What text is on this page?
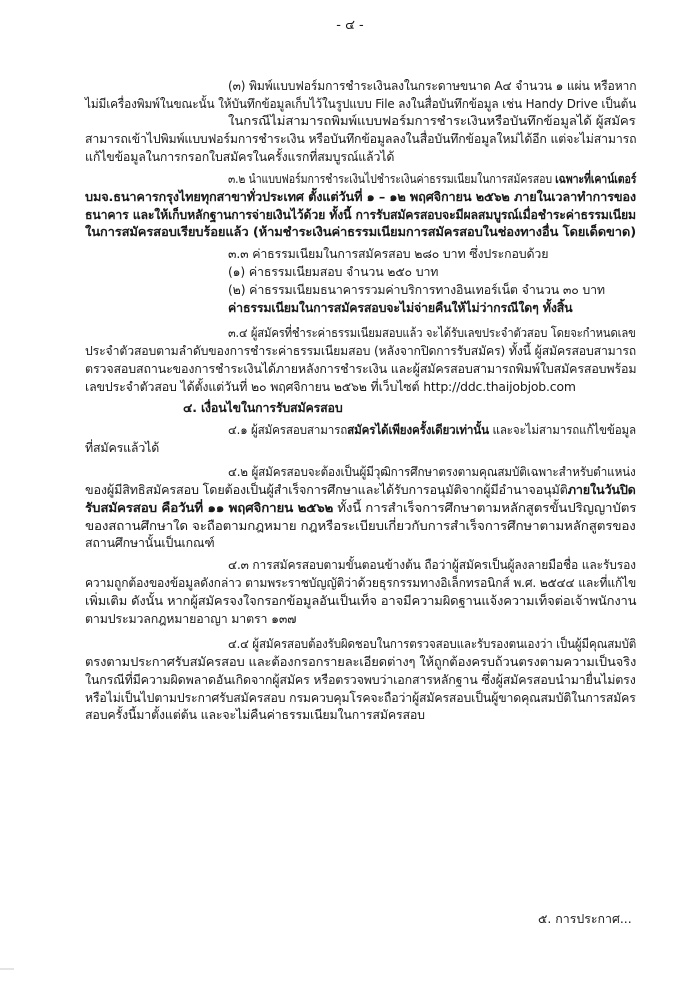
- ๔ -
(๓) พิมพ์แบบฟอร์มการชำระเงินลงในกระดาษขนาด A๔ จำนวน ๑ แผ่น หรือหาก
ไม่มีเครื่องพิมพ์ในขณะนั้น ให้บันทึกข้อมูลเก็บไว้ในรูปแบบ File ลงในสื่อบันทึกข้อมูล เช่น Handy Drive เป็นต้น
ในกรณีไม่สามารถพิมพ์แบบฟอร์มการชำระเงินหรือบันทึกข้อมูลได้ ผู้สมัคร
สามารถเข้าไปพิมพ์แบบฟอร์มการชำระเงิน หรือบันทึกข้อมูลลงในสื่อบันทึกข้อมูลใหม่ได้อีก แต่จะไม่สามารถ
แก้ไขข้อมูลในการกรอกใบสมัครในครั้งแรกที่สมบูรณ์แล้วได้
๓.๒ นำแบบฟอร์มการชำระเงินไปชำระเงินค่าธรรมเนียมในการสมัครสอบ เฉพาะที่เคาน์เตอร์
บมจ.ธนาคารกรุงไทยทุกสาขาทั่วประเทศ ตั้งแต่วันที่ ๑ – ๑๒ พฤศจิกายน ๒๕๖๒ ภายในเวลาทำการของ
ธนาคาร และให้เก็บหลักฐานการจ่ายเงินไว้ด้วย ทั้งนี้ การรับสมัครสอบจะมีผลสมบูรณ์เมื่อชำระค่าธรรมเนียม
ในการสมัครสอบเรียบร้อยแล้ว (ห้ามชำระเงินค่าธรรมเนียมการสมัครสอบในช่องทางอื่น โดยเด็ดขาด)
๓.๓ ค่าธรรมเนียมในการสมัครสอบ ๒๘๐ บาท ซึ่งประกอบด้วย
(๑) ค่าธรรมเนียมสอบ จำนวน ๒๕๐ บาท
(๒) ค่าธรรมเนียมธนาคารรวมค่าบริการทางอินเทอร์เน็ต จำนวน ๓๐ บาท
ค่าธรรมเนียมในการสมัครสอบจะไม่จ่ายคืนให้ไม่ว่ากรณีใดๆ ทั้งสิ้น
๓.๔ ผู้สมัครที่ชำระค่าธรรมเนียมสอบแล้ว จะได้รับเลขประจำตัวสอบ โดยจะกำหนดเลข
ประจำตัวสอบตามลำดับของการชำระค่าธรรมเนียมสอบ (หลังจากปิดการรับสมัคร) ทั้งนี้ ผู้สมัครสอบสามารถ
ตรวจสอบสถานะของการชำระเงินได้ภายหลังการชำระเงิน และผู้สมัครสอบสามารถพิมพ์ใบสมัครสอบพร้อม
เลขประจำตัวสอบ ได้ตั้งแต่วันที่ ๒๐ พฤศจิกายน ๒๕๖๒ ที่เว็บไซต์ http://ddc.thaijobjob.com
๔. เงื่อนไขในการรับสมัครสอบ
๔.๑ ผู้สมัครสอบสามารถสมัครได้เพียงครั้งเดียวเท่านั้น และจะไม่สามารถแก้ไขข้อมูล
ที่สมัครแล้วได้
๔.๒ ผู้สมัครสอบจะต้องเป็นผู้มีวุฒิการศึกษาตรงตามคุณสมบัติเฉพาะสำหรับตำแหน่ง
ของผู้มีสิทธิสมัครสอบ โดยต้องเป็นผู้สำเร็จการศึกษาและได้รับการอนุมัติจากผู้มีอำนาจอนุมัติภายในวันปิด
รับสมัครสอบ คือวันที่ ๑๑ พฤศจิกายน ๒๕๖๒ ทั้งนี้ การสำเร็จการศึกษาตามหลักสูตรขั้นปริญญาบัตร
ของสถานศึกษาใด จะถือตามกฎหมาย กฎหรือระเบียบเกี่ยวกับการสำเร็จการศึกษาตามหลักสูตรของ
สถานศึกษานั้นเป็นเกณฑ์
๔.๓ การสมัครสอบตามขั้นตอนข้างต้น ถือว่าผู้สมัครเป็นผู้ลงลายมือชื่อ และรับรอง
ความถูกต้องของข้อมูลดังกล่าว ตามพระราชบัญญัติว่าด้วยธุรกรรมทางอิเล็กทรอนิกส์ พ.ศ. ๒๕๔๔ และที่แก้ไข
เพิ่มเติม ดังนั้น หากผู้สมัครจงใจกรอกข้อมูลอันเป็นเท็จ อาจมีความผิดฐานแจ้งความเท็จต่อเจ้าพนักงาน
ตามประมวลกฎหมายอาญา มาตรา ๑๓๗
๔.๔ ผู้สมัครสอบต้องรับผิดชอบในการตรวจสอบและรับรองตนเองว่า เป็นผู้มีคุณสมบัติ
ตรงตามประกาศรับสมัครสอบ และต้องกรอกรายละเอียดต่างๆ ให้ถูกต้องครบถ้วนตรงตามความเป็นจริง
ในกรณีที่มีความผิดพลาดอันเกิดจากผู้สมัคร หรือตรวจพบว่าเอกสารหลักฐาน ซึ่งผู้สมัครสอบนำมายื่นไม่ตรง
หรือไม่เป็นไปตามประกาศรับสมัครสอบ กรมควบคุมโรคจะถือว่าผู้สมัครสอบเป็นผู้ขาดคุณสมบัติในการสมัคร
สอบครั้งนี้มาตั้งแต่ต้น และจะไม่คืนค่าธรรมเนียมในการสมัครสอบ
๕. การประกาศ...
